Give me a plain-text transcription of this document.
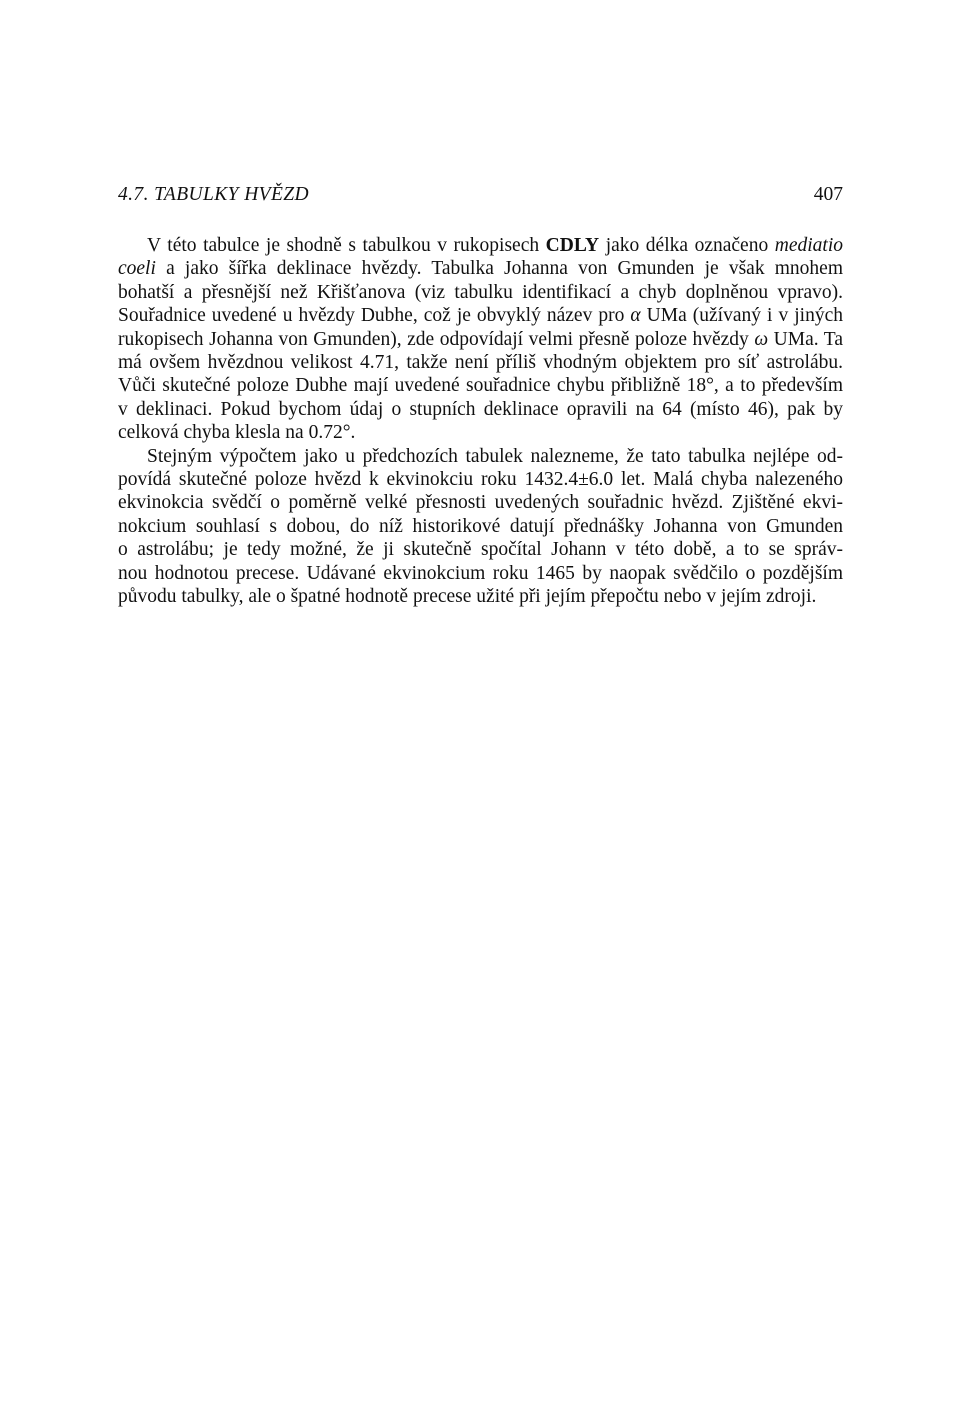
4.7. TABULKY HVĚZD	407
V této tabulce je shodně s tabulkou v rukopisech CDLY jako délka označeno mediatio
coeli a jako šířka deklinace hvězdy. Tabulka Johanna von Gmunden je však mnohem
bohatší a přesnější než Křišťanova (viz tabulku identifikací a chyb doplněnou vpravo).
Souřadnice uvedené u hvězdy Dubhe, což je obvyklý název pro α UMa (užívaný i v jiných
rukopisech Johanna von Gmunden), zde odpovídají velmi přesně poloze hvězdy ω UMa. Ta
má ovšem hvězdnou velikost 4.71, takže není příliš vhodným objektem pro síť astrolábu.
Vůči skutečné poloze Dubhe mají uvedené souřadnice chybu přibližně 18°, a to především
v deklinaci. Pokud bychom údaj o stupních deklinace opravili na 64 (místo 46), pak by
celková chyba klesla na 0.72°.
Stejným výpočtem jako u předchozích tabulek nalezneme, že tato tabulka nejlépe od-
povídá skutečné poloze hvězd k ekvinokciu roku 1432.4±6.0 let. Malá chyba nalezeného
ekvinokcia svědčí o poměrně velké přesnosti uvedených souřadnic hvězd. Zjištěné ekvi-
nokcium souhlasí s dobou, do níž historikové datují přednášky Johanna von Gmunden
o astrolábu; je tedy možné, že ji skutečně spočítal Johann v této době, a to se správ-
nou hodnotou precese. Udávané ekvinokcium roku 1465 by naopak svědčilo o pozdějším
původu tabulky, ale o špatné hodnotě precese užité při jejím přepočtu nebo v jejím zdroji.
